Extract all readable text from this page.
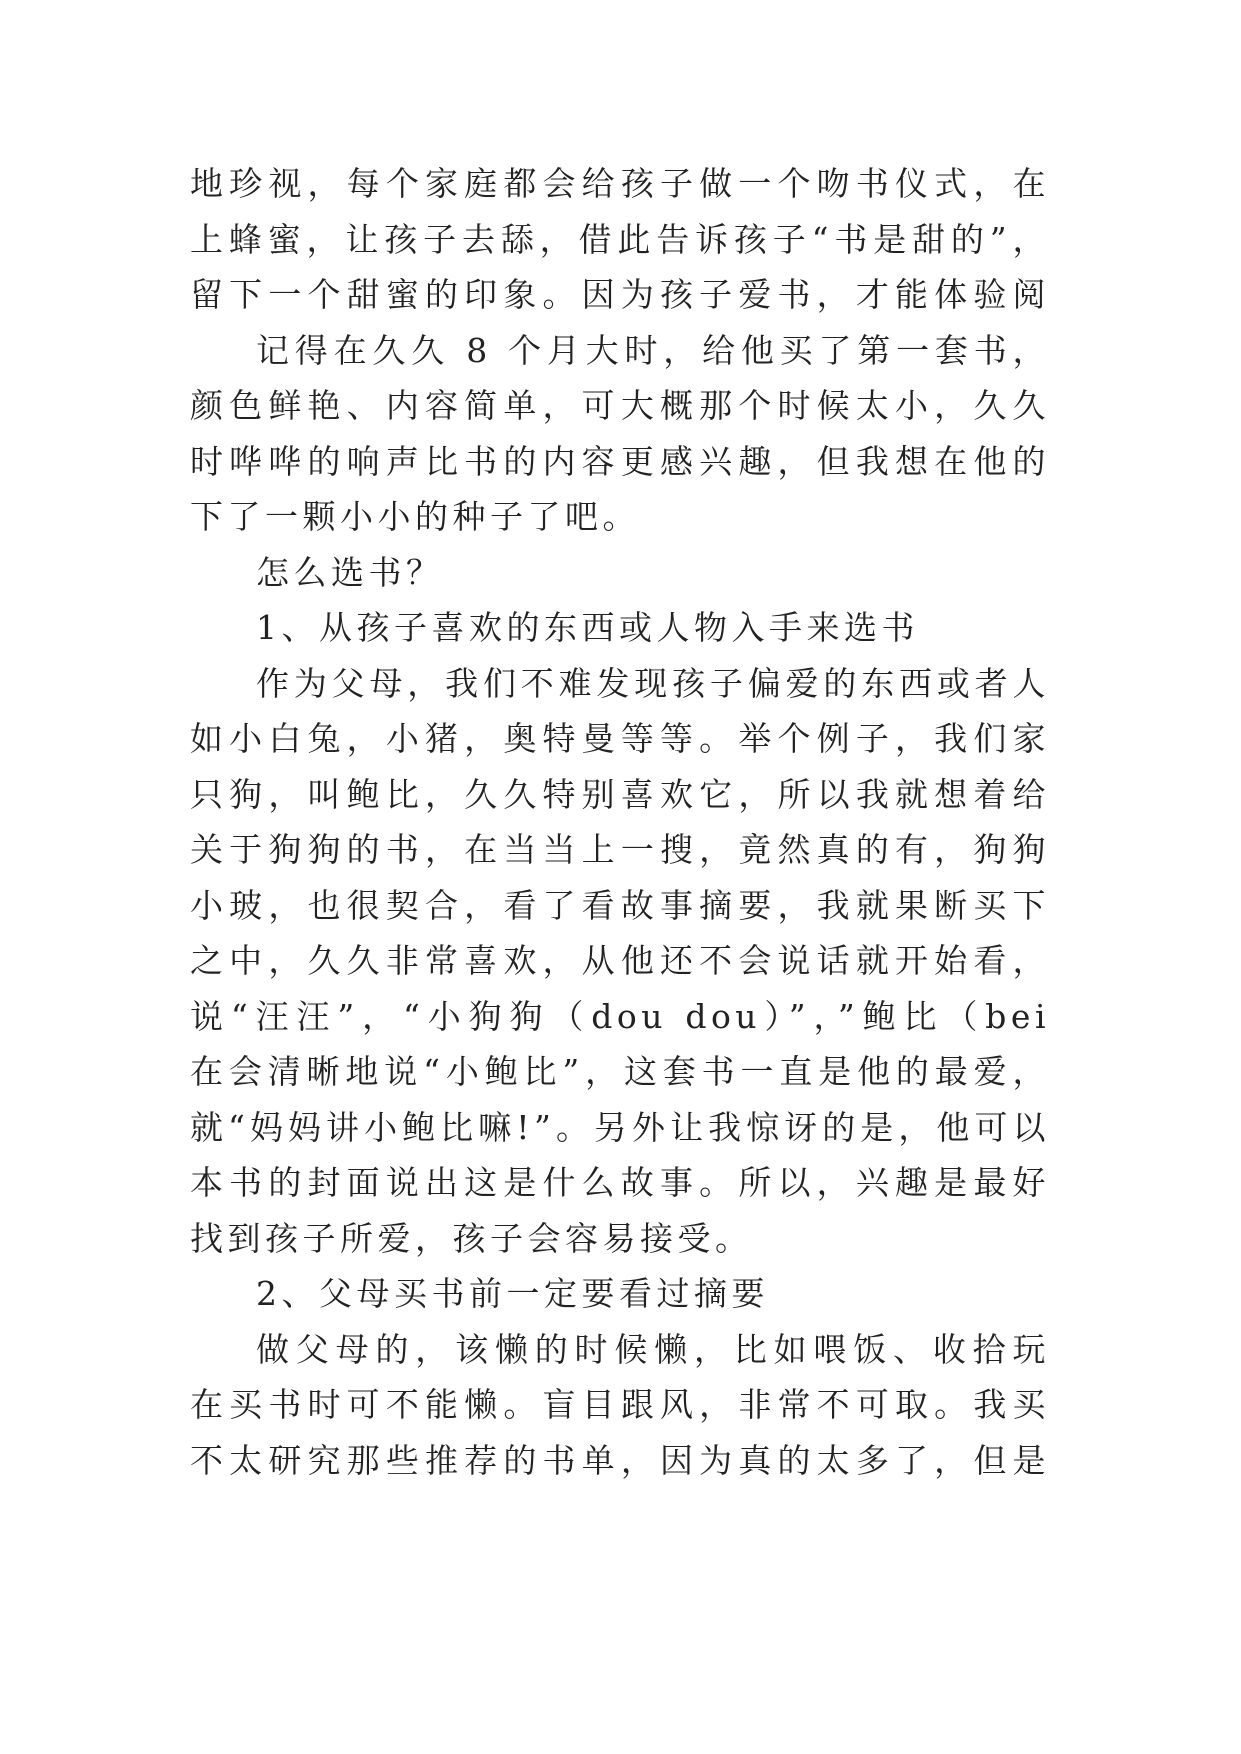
地珍视，每个家庭都会给孩子做一个吻书仪式，在
上蜂蜜，让孩子去舔，借此告诉孩子“书是甜的”，
留下一个甜蜜的印象。因为孩子爱书，才能体验阅
记得在久久 8 个月大时，给他买了第一套书，
颜色鲜艳、内容简单，可大概那个时候太小，久久
时哗哗的响声比书的内容更感兴趣，但我想在他的
下了一颗小小的种子了吧。
怎么选书？
1、从孩子喜欢的东西或人物入手来选书
作为父母，我们不难发现孩子偏爱的东西或者人
如小白兔，小猪，奥特曼等等。举个例子，我们家
只狗，叫鲍比，久久特别喜欢它，所以我就想着给
关于狗狗的书，在当当上一搜，竟然真的有，狗狗
小玻，也很契合，看了看故事摘要，我就果断买下
之中，久久非常喜欢，从他还不会说话就开始看，
说“汪汪”，“小狗狗（dou dou）”，”鲍比（bei
在会清晰地说“小鲍比”，这套书一直是他的最爱，
就“妈妈讲小鲍比嘛!”。另外让我惊讶的是，他可以
本书的封面说出这是什么故事。所以，兴趣是最好
找到孩子所爱，孩子会容易接受。
2、父母买书前一定要看过摘要
做父母的，该懒的时候懒，比如喂饭、收拾玩
在买书时可不能懒。盲目跟风，非常不可取。我买
不太研究那些推荐的书单，因为真的太多了，但是
